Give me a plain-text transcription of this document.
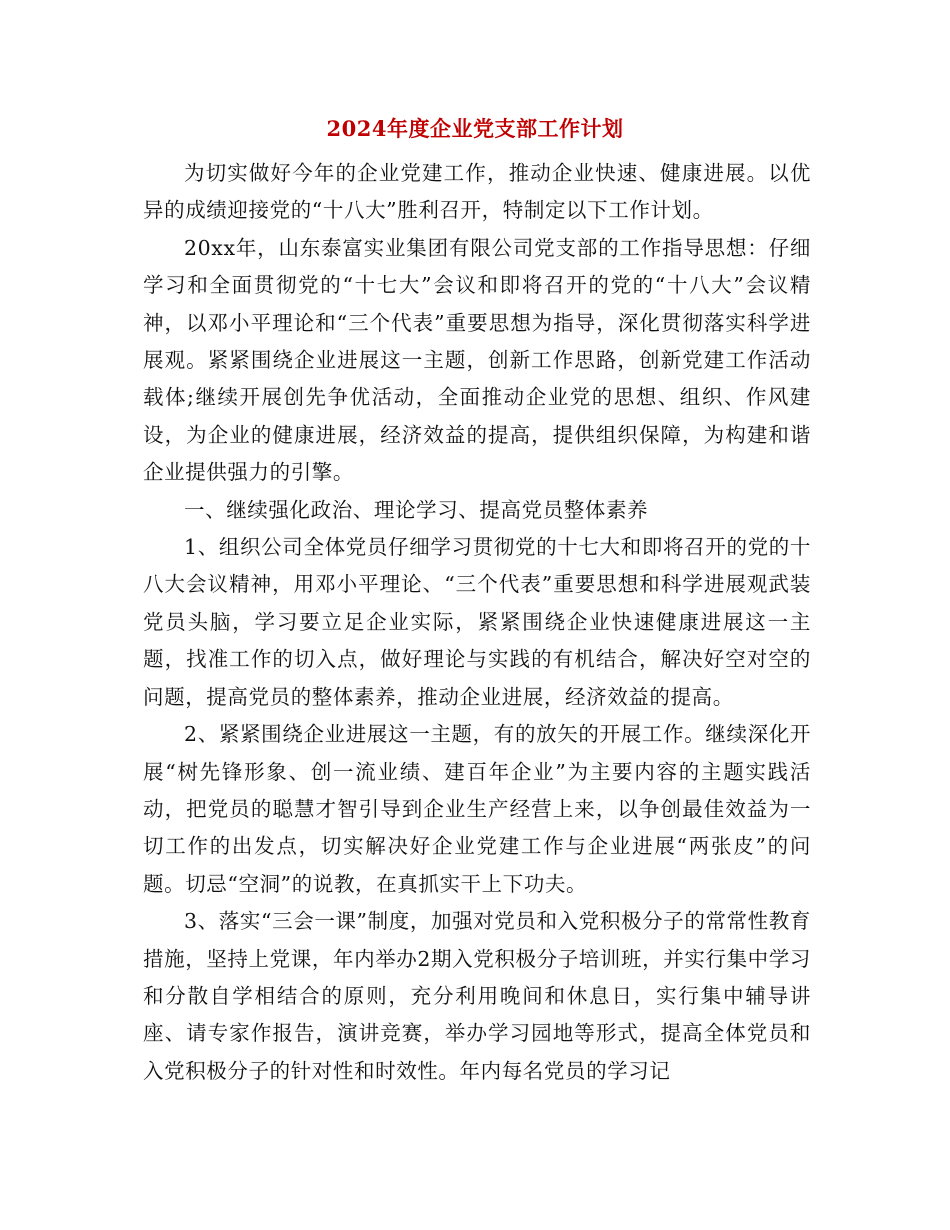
2024年度企业党支部工作计划

为切实做好今年的企业党建工作，推动企业快速、健康进展。以优异的成绩迎接党的“十八大”胜利召开，特制定以下工作计划。

20xx年，山东泰富实业集团有限公司党支部的工作指导思想：仔细学习和全面贯彻党的“十七大”会议和即将召开的党的“十八大”会议精神，以邓小平理论和“三个代表”重要思想为指导，深化贯彻落实科学进展观。紧紧围绕企业进展这一主题，创新工作思路，创新党建工作活动载体;继续开展创先争优活动，全面推动企业党的思想、组织、作风建设，为企业的健康进展，经济效益的提高，提供组织保障，为构建和谐企业提供强力的引擎。

一、继续强化政治、理论学习、提高党员整体素养

1、组织公司全体党员仔细学习贯彻党的十七大和即将召开的党的十八大会议精神，用邓小平理论、“三个代表”重要思想和科学进展观武装党员头脑，学习要立足企业实际，紧紧围绕企业快速健康进展这一主题，找准工作的切入点，做好理论与实践的有机结合，解决好空对空的问题，提高党员的整体素养，推动企业进展，经济效益的提高。

2、紧紧围绕企业进展这一主题，有的放矢的开展工作。继续深化开展“树先锋形象、创一流业绩、建百年企业”为主要内容的主题实践活动，把党员的聪慧才智引导到企业生产经营上来，以争创最佳效益为一切工作的出发点，切实解决好企业党建工作与企业进展“两张皮”的问题。切忌“空洞”的说教，在真抓实干上下功夫。

3、落实“三会一课”制度，加强对党员和入党积极分子的常常性教育措施，坚持上党课，年内举办2期入党积极分子培训班，并实行集中学习和分散自学相结合的原则，充分利用晚间和休息日，实行集中辅导讲座、请专家作报告，演讲竞赛，举办学习园地等形式，提高全体党员和入党积极分子的针对性和时效性。年内每名党员的学习记
